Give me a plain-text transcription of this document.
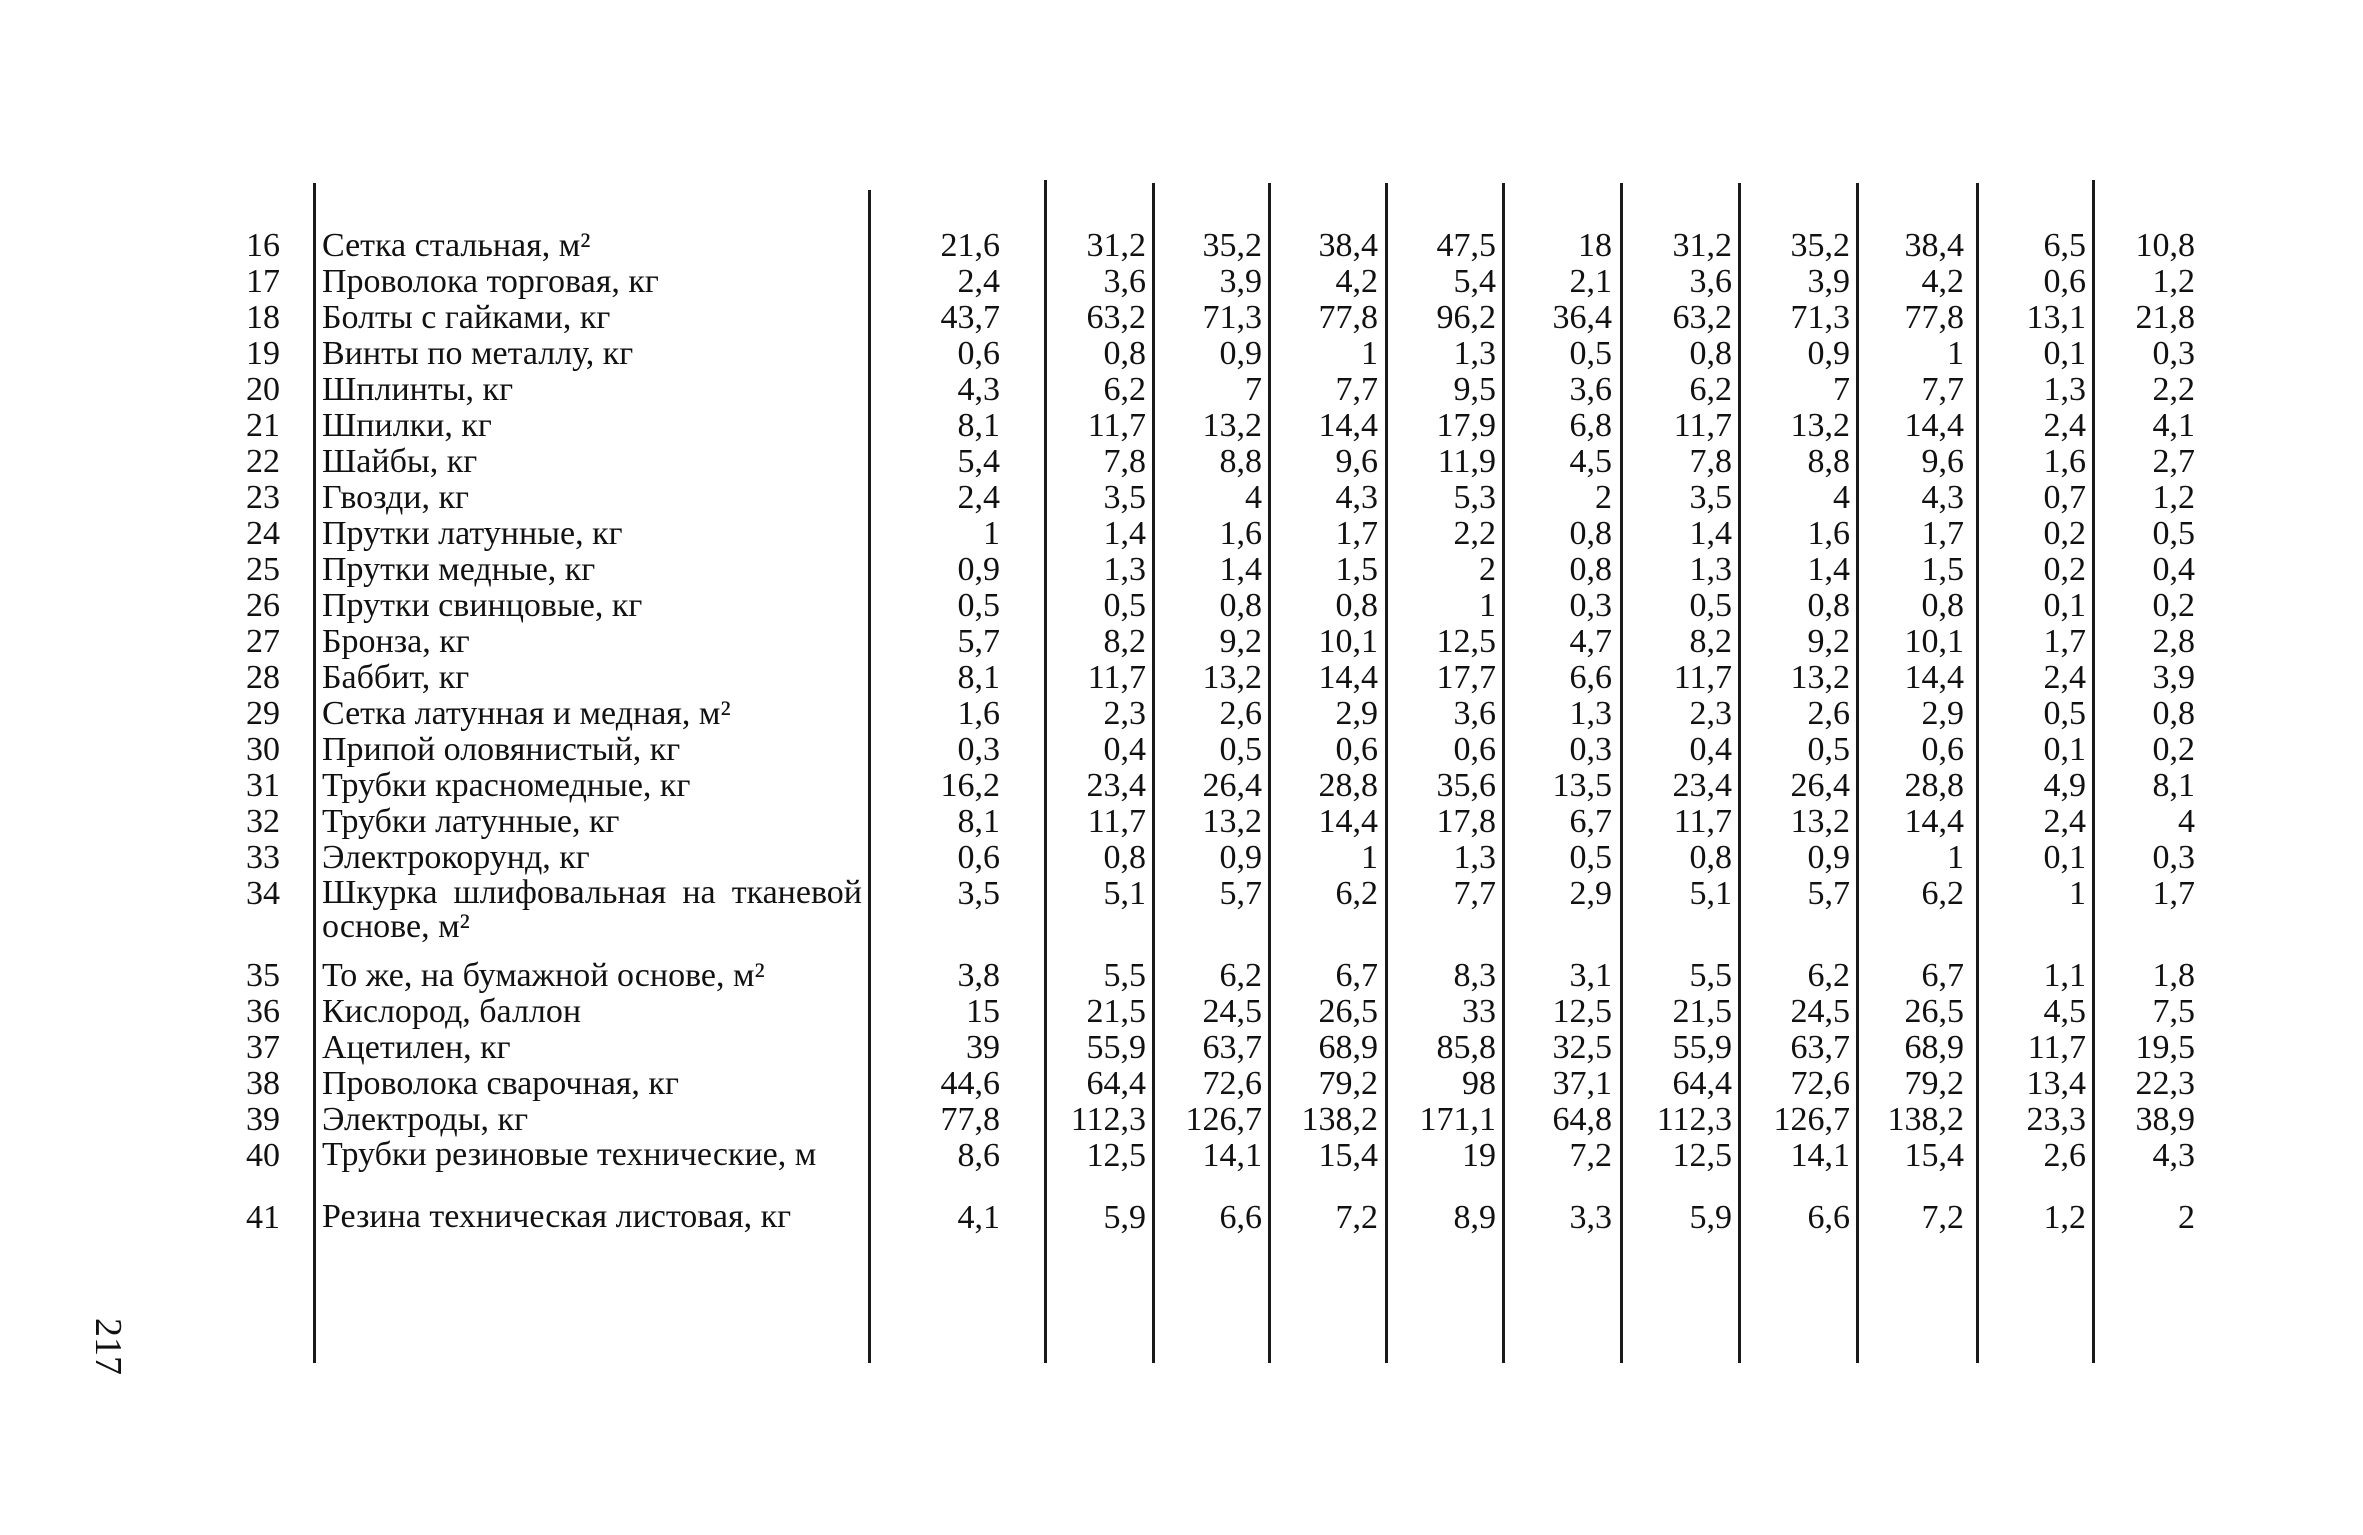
16 Сетка стальная, м²	21,6	31,2 35,2 38,4 47,5 18 31,2 35,2 38,4 6,5 10,8
17 Проволока торговая, кг	2,4	3,6 3,9 4,2 5,4 2,1 3,6 3,9 4,2 0,6 1,2
18 Болты с гайками, кг	43,7	63,2 71,3 77,8 96,2 36,4 63,2 71,3 77,8 13,1 21,8
19 Винты по металлу, кг	0,6	0,8 0,9	1 1,3 0,5 0,8 0,9	1 0,1 0,3
20 Шплинты, кг	4,3	6,2	7 7,7 9,5 3,6 6,2	7 7,7 1,3 2,2
21 Шпилки, кг	8,1	11,7 13,2 14,4 17,9 6,8 11,7 13,2 14,4 2,4 4,1
22 Шайбы, кг	5,4	7,8 8,8 9,6 11,9 4,5 7,8 8,8 9,6 1,6 2,7
23 Гвозди, кг	2,4	3,5	4 4,3 5,3	2 3,5	4 4,3 0,7 1,2
24 Прутки латунные, кг	1	1,4 1,6 1,7 2,2 0,8 1,4 1,6 1,7 0,2 0,5
25 Прутки медные, кг	0,9	1,3 1,4 1,5	2 0,8 1,3 1,4 1,5 0,2 0,4
26 Прутки свинцовые, кг	0,5	0,5 0,8 0,8	1 0,3 0,5 0,8 0,8 0,1 0,2
27 Бронза, кг	5,7	8,2 9,2 10,1 12,5 4,7 8,2 9,2 10,1 1,7 2,8
28 Баббит, кг	8,1	11,7 13,2 14,4 17,7 6,6 11,7 13,2 14,4 2,4 3,9
29 Сетка латунная и медная, м²	1,6	2,3 2,6 2,9 3,6 1,3 2,3 2,6 2,9 0,5 0,8
30 Припой оловянистый, кг	0,3	0,4 0,5 0,6 0,6 0,3 0,4 0,5 0,6 0,1 0,2
31 Трубки красномедные, кг	16,2	23,4 26,4 28,8 35,6 13,5 23,4 26,4 28,8 4,9 8,1
32 Трубки латунные, кг	8,1	11,7 13,2 14,4 17,8 6,7 11,7 13,2 14,4 2,4	4
33 Электрокорунд, кг	0,6	0,8 0,9	1 1,3 0,5 0,8 0,9	1 0,1 0,3
34 Шкурка шлифовальная на тканевой основе, м²
3,5	5,1 5,7 6,2 7,7 2,9 5,1 5,7 6,2	1 1,7
35 То же, на бумажной основе, м²	3,8	5,5 6,2 6,7 8,3 3,1 5,5 6,2 6,7 1,1 1,8
36 Кислород, баллон	15	21,5 24,5 26,5 33 12,5 21,5 24,5 26,5 4,5 7,5
37 Ацетилен, кг	39	55,9 63,7 68,9 85,8 32,5 55,9 63,7 68,9 11,7 19,5
38 Проволока сварочная, кг	44,6	64,4 72,6 79,2 98 37,1 64,4 72,6 79,2 13,4 22,3
39 Электроды, кг	77,8 112,3 126,7 138,2 171,1 64,8 112,3 126,7 138,2 23,3 38,9
40 Трубки резиновые технические, м	8,6	12,5 14,1 15,4 19 7,2 12,5 14,1 15,4 2,6 4,3
41 Резина техническая листовая, кг	4,1	5,9 6,6 7,2 8,9 3,3 5,9 6,6 7,2 1,2	2
217
